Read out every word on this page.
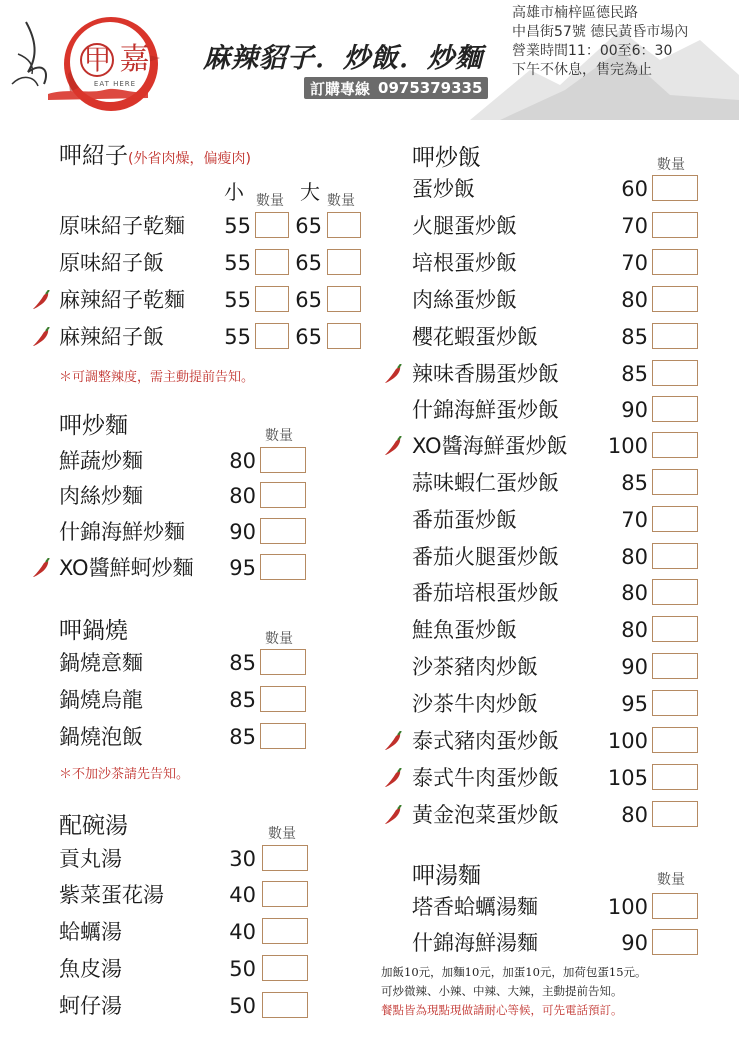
甲 嘉
EAT HERE
麻辣貂子．炒飯．炒麵
訂購專線 0975379335
高雄市楠梓區德民路
中昌街57號 德民黃昏市場內
營業時間11：00至6：30
下午不休息，售完為止
呷紹子(外省肉燥，偏瘦肉)
小 數量 大 數量
原味紹子乾麵	55 65
原味紹子飯	55 65
麻辣紹子乾麵	55 65
麻辣紹子飯	55 65
＊可調整辣度，需主動提前告知。
呷炒麵	數量
鮮蔬炒麵	80
肉絲炒麵	80
什錦海鮮炒麵	90
XO醬鮮蚵炒麵	95
呷鍋燒	數量
鍋燒意麵	85
鍋燒烏龍	85
鍋燒泡飯	85
＊不加沙茶請先告知。
配碗湯	數量
貢丸湯	30
紫菜蛋花湯	40
蛤蠣湯	40
魚皮湯	50
蚵仔湯	50
呷炒飯	數量
蛋炒飯	60
火腿蛋炒飯	70
培根蛋炒飯	70
肉絲蛋炒飯	80
櫻花蝦蛋炒飯	85
辣味香腸蛋炒飯	85
什錦海鮮蛋炒飯	90
XO醬海鮮蛋炒飯 100
蒜味蝦仁蛋炒飯	85
番茄蛋炒飯	70
番茄火腿蛋炒飯	80
番茄培根蛋炒飯	80
鮭魚蛋炒飯	80
沙茶豬肉炒飯	90
沙茶牛肉炒飯	95
泰式豬肉蛋炒飯 100
泰式牛肉蛋炒飯 105
黃金泡菜蛋炒飯	80
呷湯麵	數量
塔香蛤蠣湯麵	100
什錦海鮮湯麵	90
加飯10元，加麵10元，加蛋10元，加荷包蛋15元。
可炒微辣、小辣、中辣、大辣，主動提前告知。
餐點皆為現點現做請耐心等候，可先電話預訂。
